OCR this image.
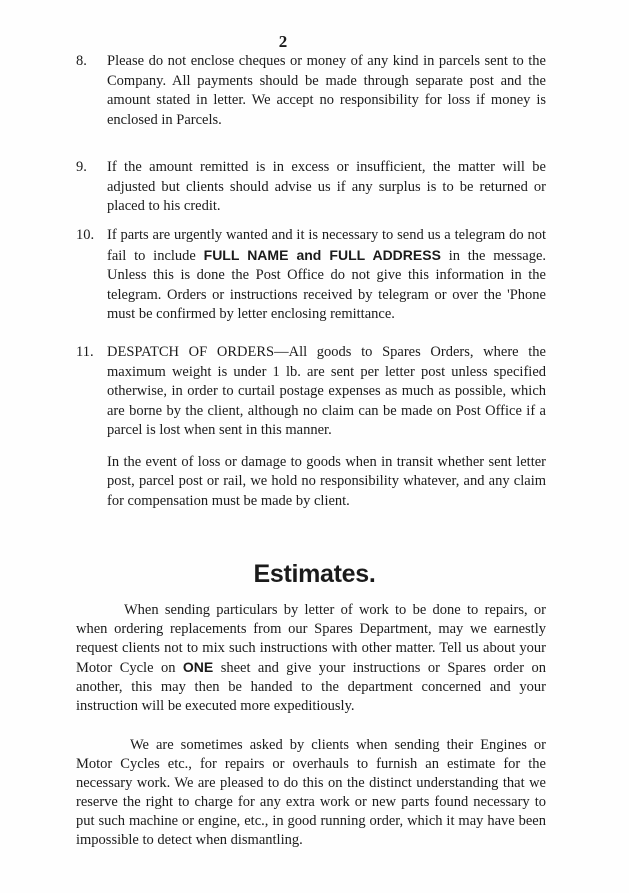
2
8. Please do not enclose cheques or money of any kind in parcels sent to the Company. All payments should be made through separate post and the amount stated in letter. We accept no responsibility for loss if money is enclosed in Parcels.

9. If the amount remitted is in excess or insufficient, the matter will be adjusted but clients should advise us if any surplus is to be returned or placed to his credit.

10. If parts are urgently wanted and it is necessary to send us a telegram do not fail to include FULL NAME and FULL ADDRESS in the message. Unless this is done the Post Office do not give this information in the telegram. Orders or instructions received by telegram or over the 'Phone must be confirmed by letter enclosing remittance.

11. DESPATCH OF ORDERS—All goods to Spares Orders, where the maximum weight is under 1 lb. are sent per letter post unless specified otherwise, in order to curtail postage expenses as much as possible, which are borne by the client, although no claim can be made on Post Office if a parcel is lost when sent in this manner.

In the event of loss or damage to goods when in transit whether sent letter post, parcel post or rail, we hold no responsibility whatever, and any claim for compensation must be made by client.

Estimates.

When sending particulars by letter of work to be done to repairs, or when ordering replacements from our Spares Department, may we earnestly request clients not to mix such instructions with other matter. Tell us about your Motor Cycle on ONE sheet and give your instructions or Spares order on another, this may then be handed to the department concerned and your instruction will be executed more expeditiously.

We are sometimes asked by clients when sending their Engines or Motor Cycles etc., for repairs or overhauls to furnish an estimate for the necessary work. We are pleased to do this on the distinct understanding that we reserve the right to charge for any extra work or new parts found necessary to put such machine or engine, etc., in good running order, which it may have been impossible to detect when dismantling.
